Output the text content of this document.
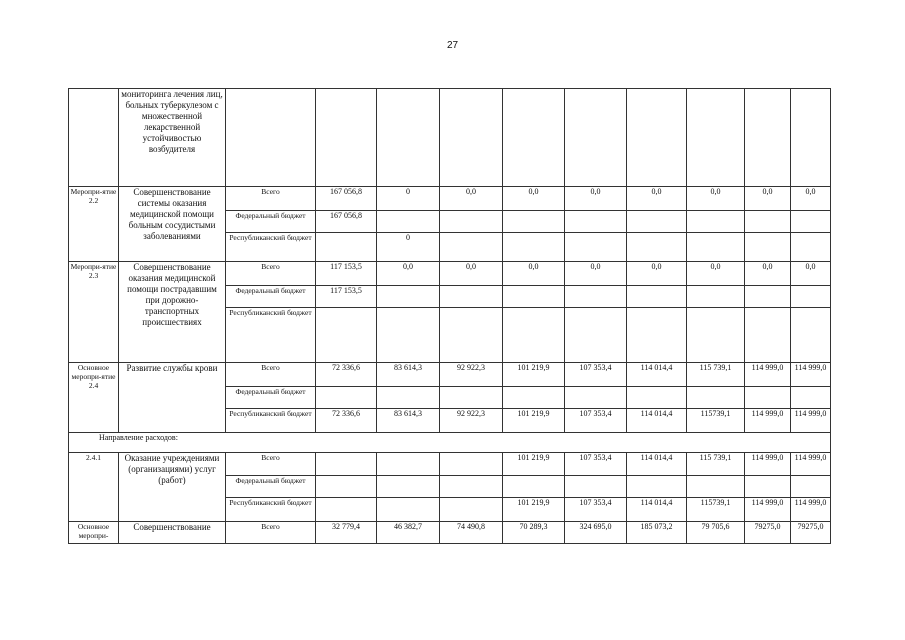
27
	мониторинга лечения лиц, больных туберкулезом с множественной лекарственной устойчивостью возбудителя										
Меропри-ятие 2.2	Совершенствование системы оказания медицинской помощи больным сосудистыми заболеваниями	Всего	167 056,8	0	0,0	0,0	0,0	0,0	0,0	0,0	0,0
		Федеральный бюджет	167 056,8								
		Республиканский бюджет		0							
Меропри-ятие 2.3	Совершенствование оказания медицинской помощи пострадавшим при дорожно-транспортных происшествиях	Всего	117 153,5	0,0	0,0	0,0	0,0	0,0	0,0	0,0	0,0
		Федеральный бюджет	117 153,5								
		Республиканский бюджет									
Основное меропри-ятие 2.4	Развитие службы крови	Всего	72 336,6	83 614,3	92 922,3	101 219,9	107 353,4	114 014,4	115 739,1	114 999,0	114 999,0
		Федеральный бюджет									
		Республиканский бюджет	72 336,6	83 614,3	92 922,3	101 219,9	107 353,4	114 014,4	115739,1	114 999,0	114 999,0
Направление расходов:											
2.4.1	Оказание учреждениями (организациями) услуг (работ)	Всего				101 219,9	107 353,4	114 014,4	115 739,1	114 999,0	114 999,0
		Федеральный бюджет									
		Республиканский бюджет				101 219,9	107 353,4	114 014,4	115739,1	114 999,0	114 999,0
Основное меропри-	Совершенствование	Всего	32 779,4	46 382,7	74 490,8	70 289,3	324 695,0	185 073,2	79 705,6	79275,0	79275,0
